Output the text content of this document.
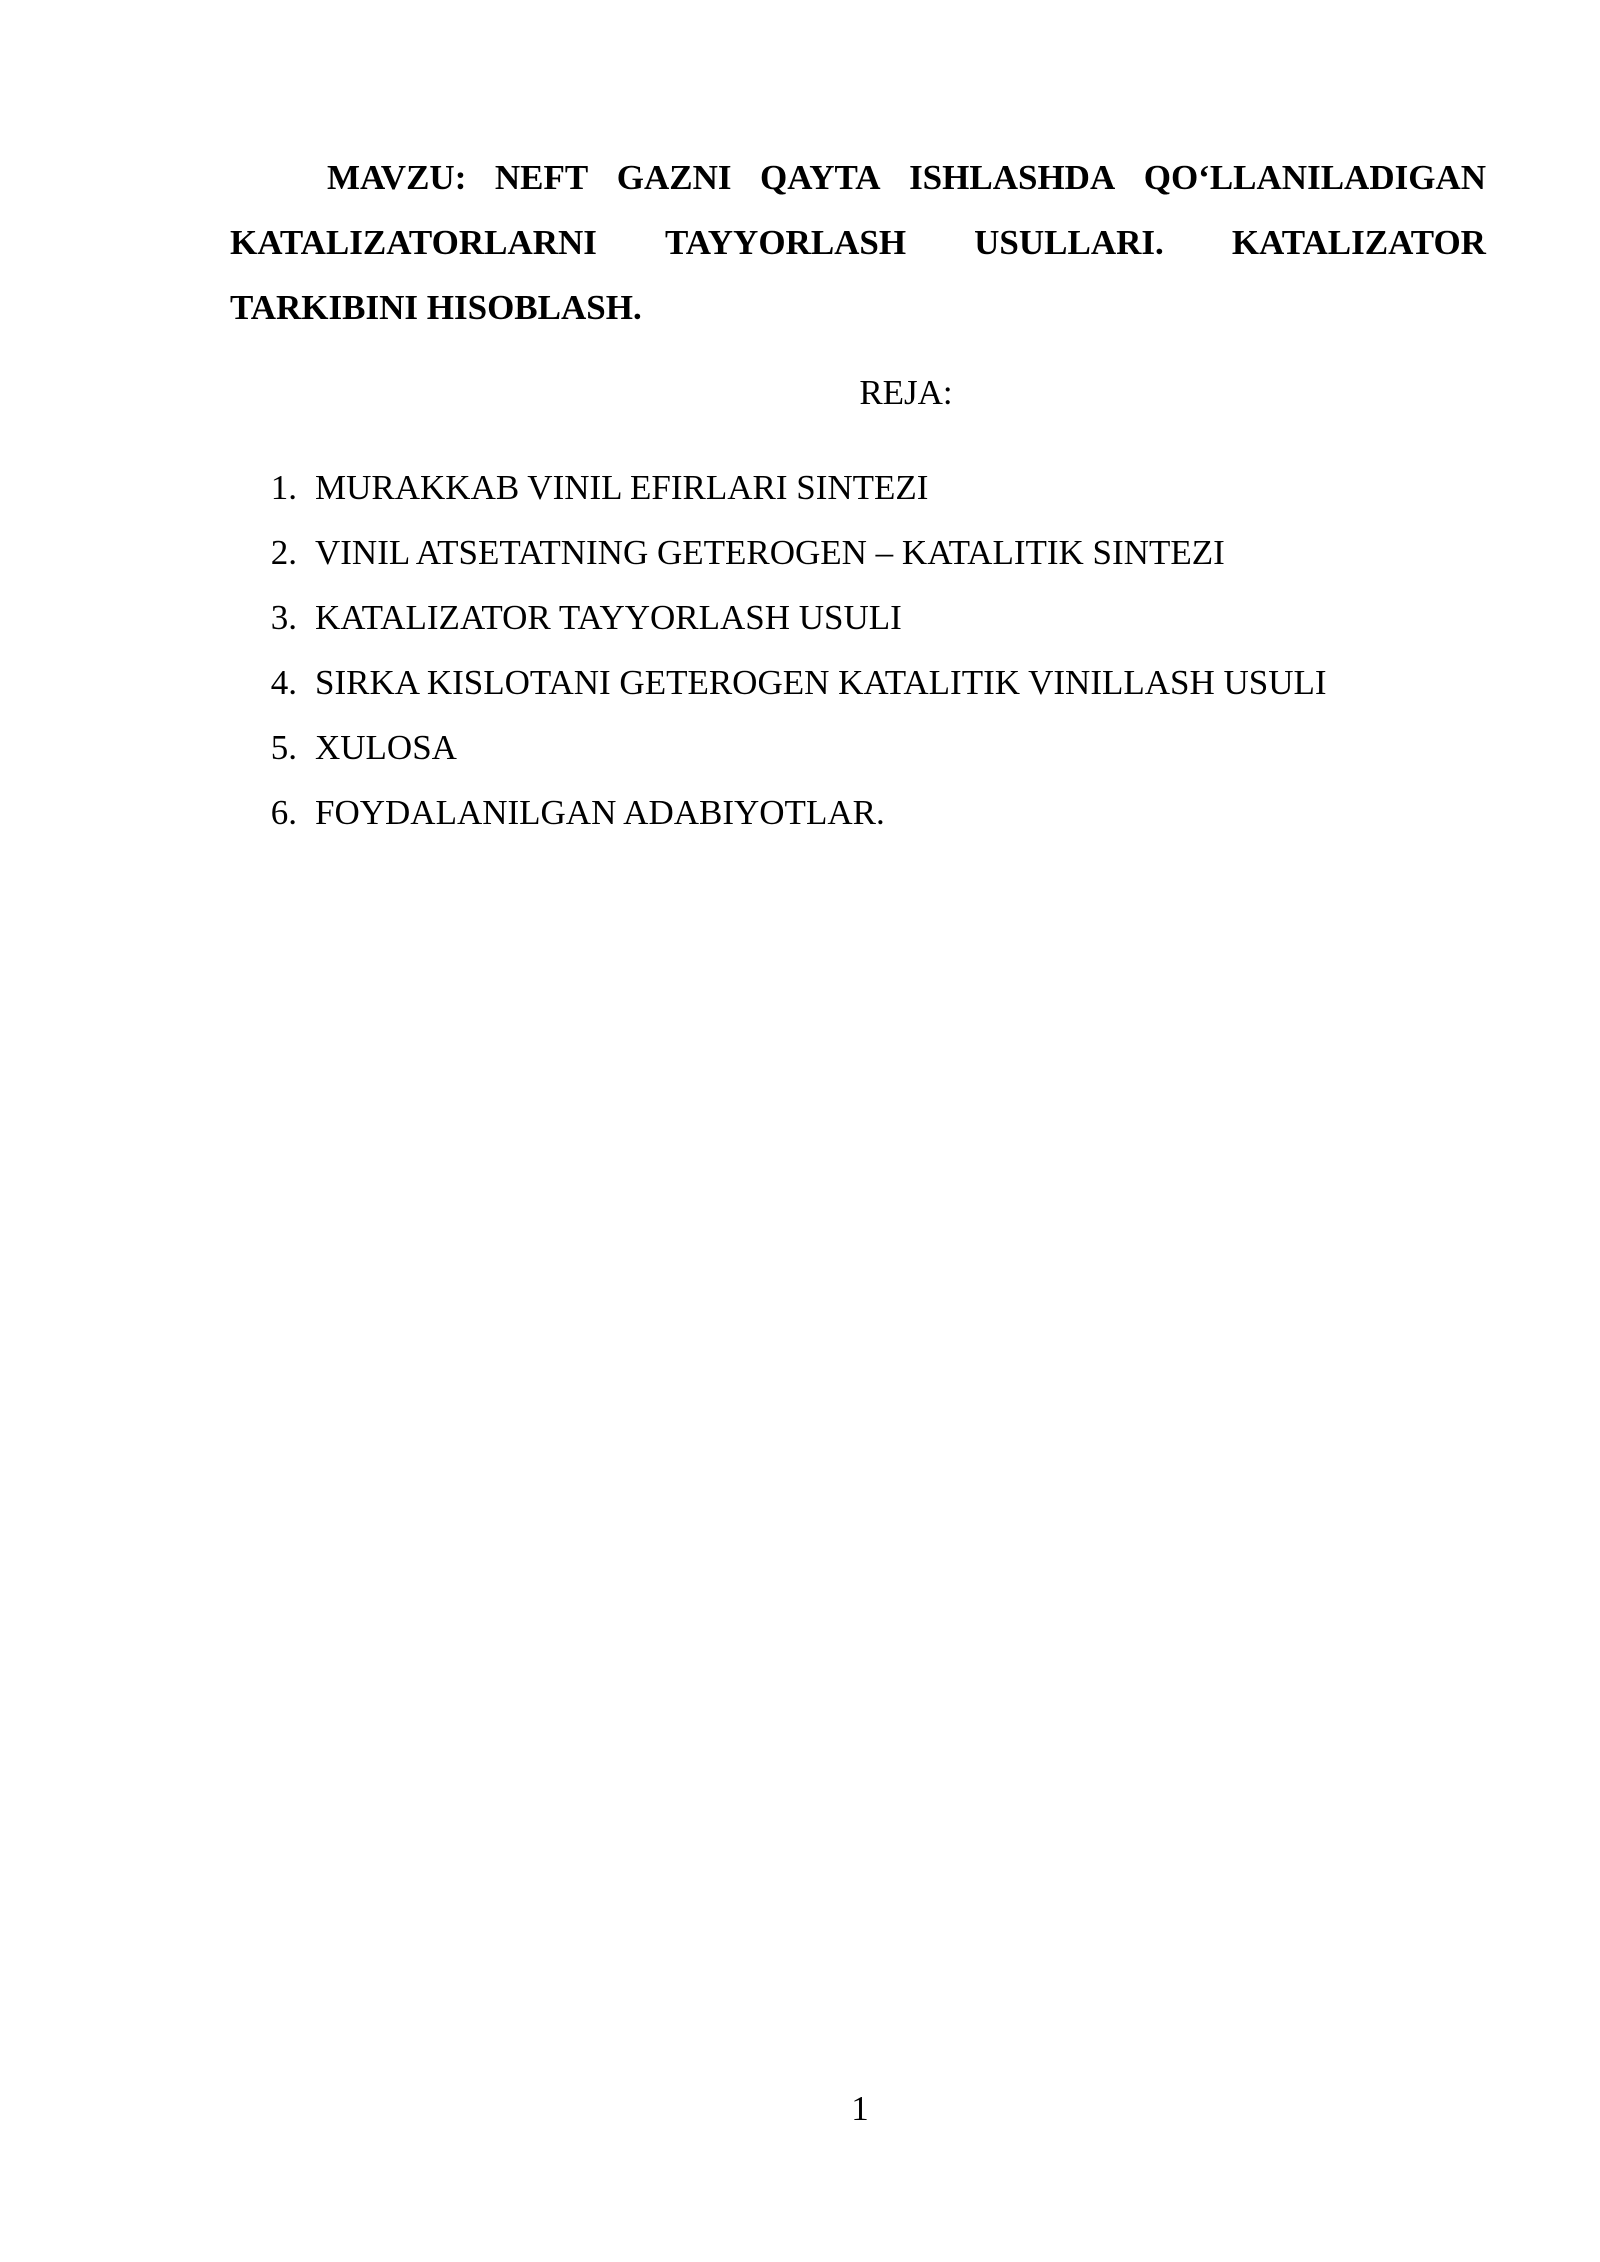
MAVZU: NEFT GAZNI QAYTA ISHLASHDA QO‘LLANILADIGAN
KATALIZATORLARNI TAYYORLASH USULLARI. KATALIZATOR
TARKIBINI HISOBLASH.
REJA:
1. MURAKKAB VINIL EFIRLARI SINTEZI
2. VINIL ATSETATNING GETEROGEN – KATALITIK SINTEZI
3. KATALIZATOR TAYYORLASH USULI
4. SIRKA KISLOTANI GETEROGEN KATALITIK VINILLASH USULI
5. XULOSA
6. FOYDALANILGAN ADABIYOTLAR.
1
